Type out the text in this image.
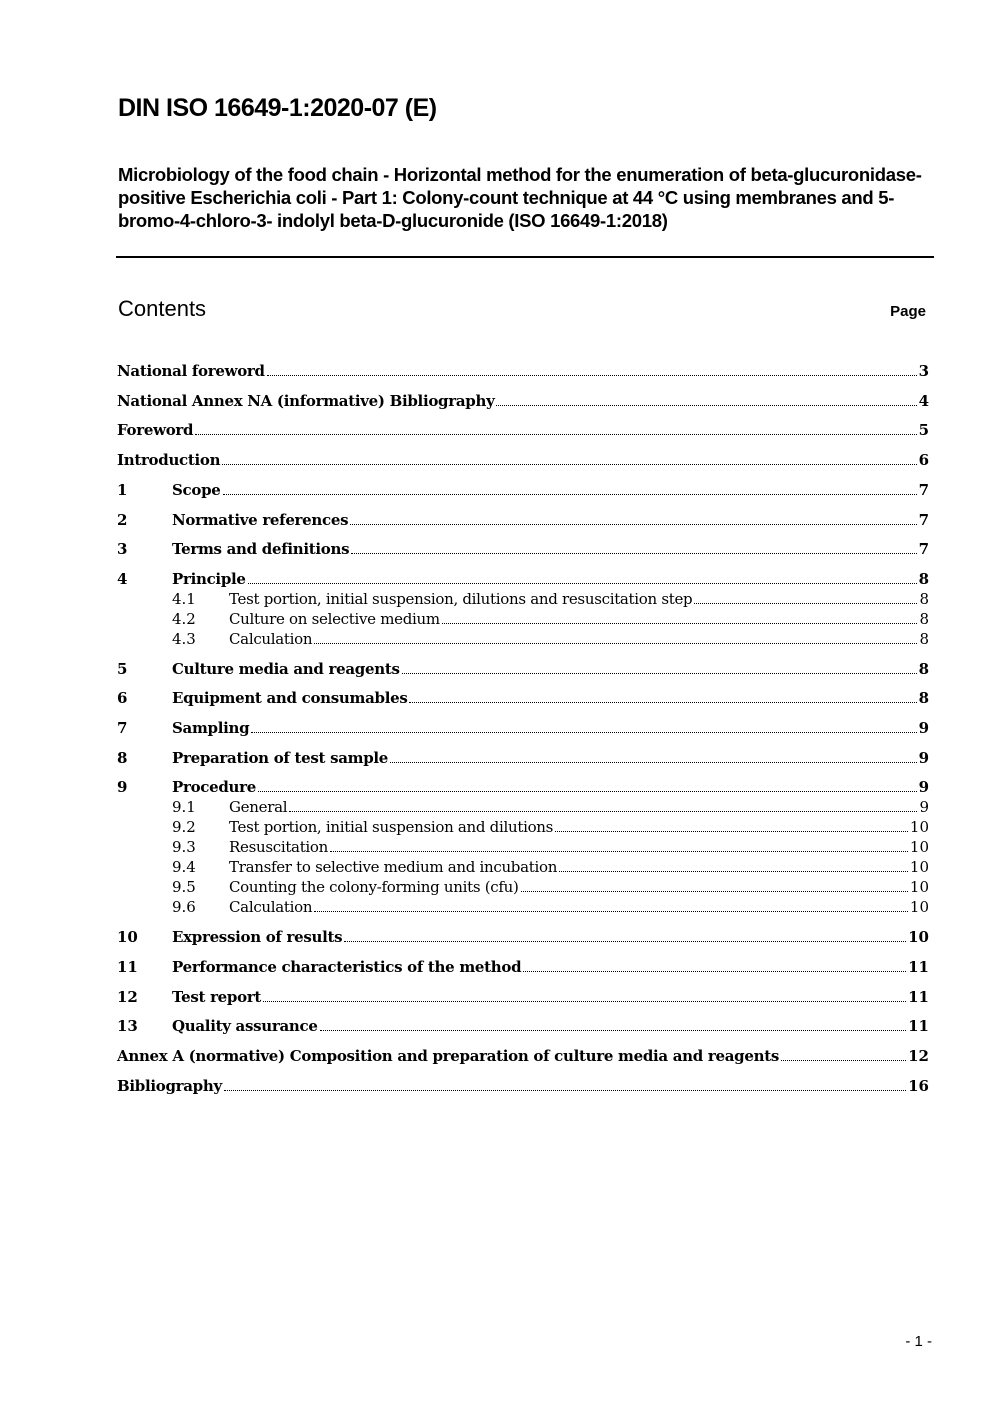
DIN ISO 16649-1:2020-07 (E)
Microbiology of the food chain - Horizontal method for the enumeration of beta-glucuronidase-positive Escherichia coli - Part 1: Colony-count technique at 44 °C using membranes and 5-bromo-4-chloro-3- indolyl beta-D-glucuronide (ISO 16649-1:2018)
Contents	Page
National foreword	3
National Annex NA (informative) Bibliography	4
Foreword	5
Introduction	6
1	Scope	7
2	Normative references	7
3	Terms and definitions	7
4	Principle	8
4.1	Test portion, initial suspension, dilutions and resuscitation step	8
4.2	Culture on selective medium	8
4.3	Calculation	8
5	Culture media and reagents	8
6	Equipment and consumables	8
7	Sampling	9
8	Preparation of test sample	9
9	Procedure	9
9.1	General	9
9.2	Test portion, initial suspension and dilutions	10
9.3	Resuscitation	10
9.4	Transfer to selective medium and incubation	10
9.5	Counting the colony-forming units (cfu)	10
9.6	Calculation	10
10	Expression of results	10
11	Performance characteristics of the method	11
12	Test report	11
13	Quality assurance	11
Annex A (normative) Composition and preparation of culture media and reagents	12
Bibliography	16
- 1 -
